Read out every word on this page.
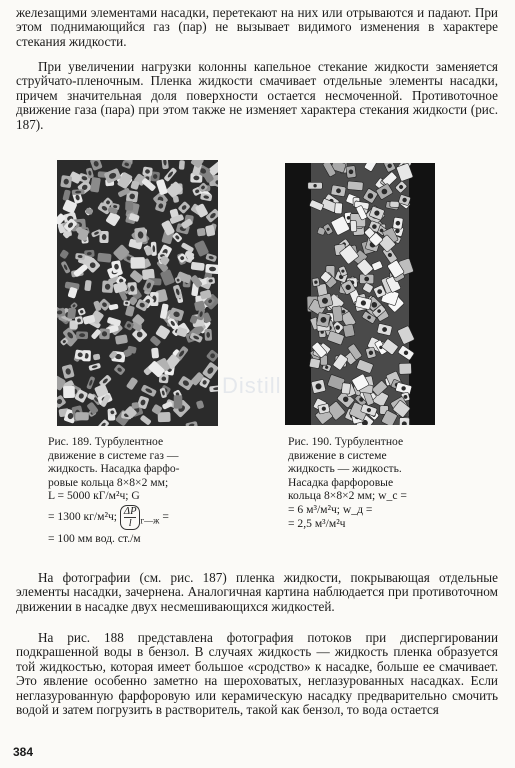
железащими элементами насадки, перетекают на них или отрываются и падают. При этом поднимающийся газ (пар) не вызывает видимого изменения в характере стекания жидкости.
При увеличении нагрузки колонны капельное стекание жидкости заменяется струйчато-пленочным. Пленка жидкости смачивает отдельные элементы насадки, причем значительная доля поверхности остается несмоченной. Противоточное движение газа (пара) при этом также не изменяет характера стекания жидкости (рис. 187).
Distill
Рис. 189. Турбулентное
движение в системе газ —
жидкость. Насадка фарфо-
ровые кольца 8×8×2 мм;
L = 5000 кГ/м²ч; G
= 1300 кг/м²ч; $\frac{\Delta P}{l} _{г—ж}$ =
= 100 мм вод. ст./м
Рис. 190. Турбулентное
движение в системе
жидкость — жидкость.
Насадка фарфоровые
кольца 8×8×2 мм; w_c =
= 6 м³/м²ч; w_д =
= 2,5 м³/м²ч
На фотографии (см. рис. 187) пленка жидкости, покрывающая отдельные элементы насадки, зачернена. Аналогичная картина наблюдается при противоточном движении в насадке двух несмешивающихся жидкостей.
На рис. 188 представлена фотография потоков при диспергировании подкрашенной воды в бензол. В случаях жидкость — жидкость пленка образуется той жидкостью, которая имеет большое «сродство» к насадке, больше ее смачивает. Это явление особенно заметно на шероховатых, неглазурованных насадках. Если неглазурованную фарфоровую или керамическую насадку предварительно смочить водой и затем погрузить в растворитель, такой как бензол, то вода остается
384
